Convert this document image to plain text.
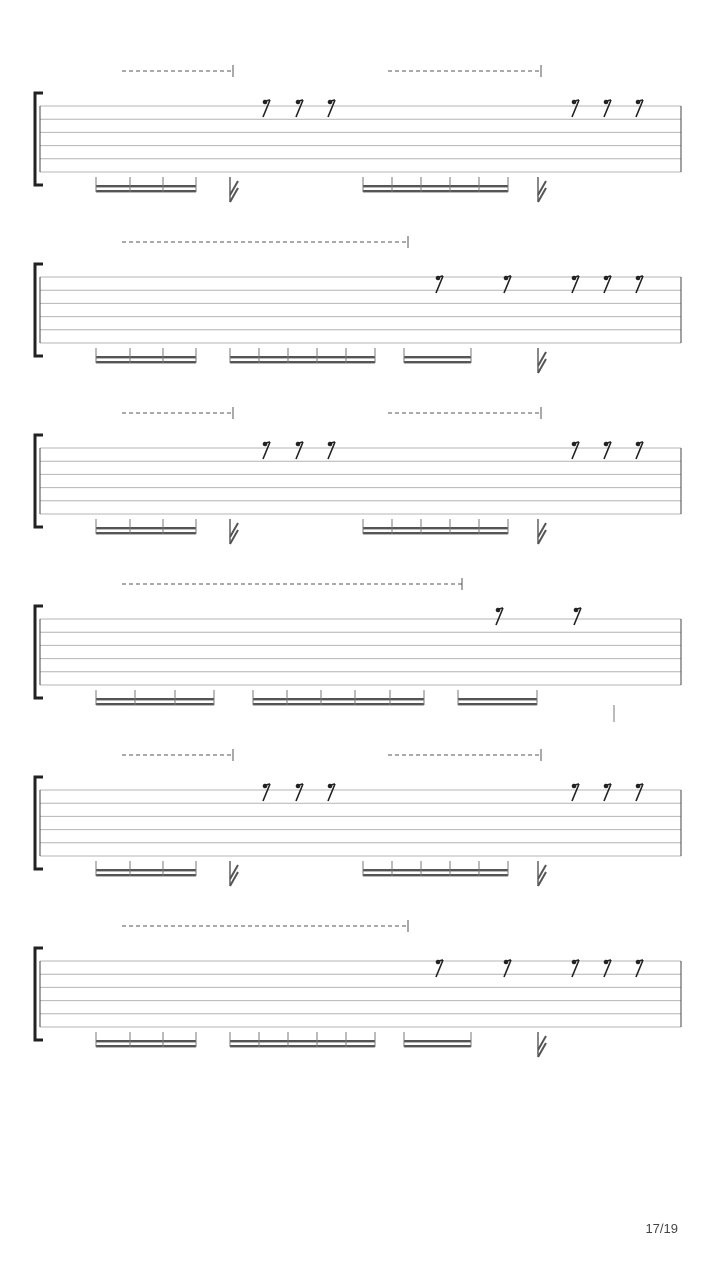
17/19
